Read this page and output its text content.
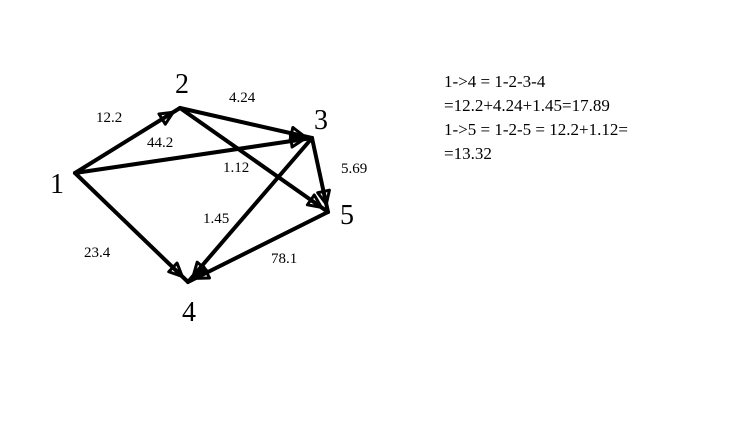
1
2
3
4
5
12.2
44.2
23.4
4.24
1.12
1.45
5.69
78.1
1->4 = 1-2-3-4
=12.2+4.24+1.45=17.89
1->5 = 1-2-5 = 12.2+1.12=
=13.32
